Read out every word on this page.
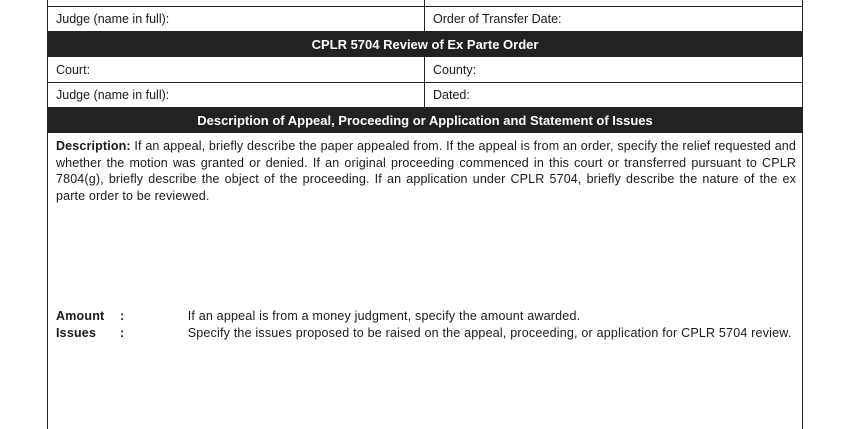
Judge (name in full):	Order of Transfer Date:
CPLR 5704 Review of Ex Parte Order
Court:	County:
Judge (name in full):	Dated:
Description of Appeal, Proceeding or Application and Statement of Issues
Description: If an appeal, briefly describe the paper appealed from. If the appeal is from an order, specify the relief requested and whether the motion was granted or denied. If an original proceeding commenced in this court or transferred pursuant to CPLR 7804(g), briefly describe the object of the proceeding. If an application under CPLR 5704, briefly describe the nature of the ex parte order to be reviewed.
Amount :	If an appeal is from a money judgment, specify the amount awarded.
Issues :	Specify the issues proposed to be raised on the appeal, proceeding, or application for CPLR 5704 review.
